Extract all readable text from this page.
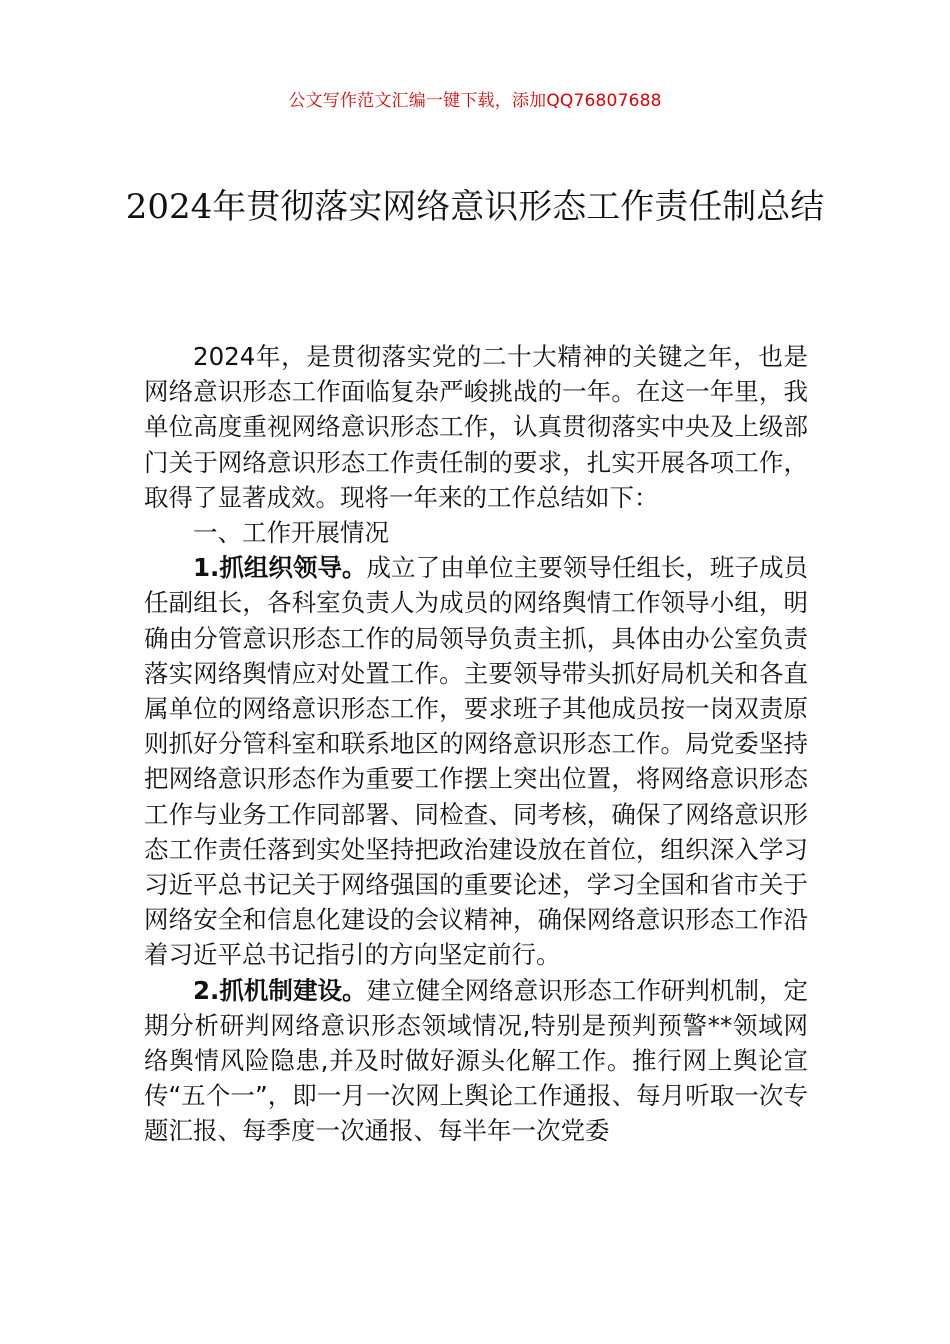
公文写作范文汇编一键下载，添加QQ76807688
2024年贯彻落实网络意识形态工作责任制总结

2024年，是贯彻落实党的二十大精神的关键之年，也是网络意识形态工作面临复杂严峻挑战的一年。在这一年里，我单位高度重视网络意识形态工作，认真贯彻落实中央及上级部门关于网络意识形态工作责任制的要求，扎实开展各项工作，取得了显著成效。现将一年来的工作总结如下：

一、工作开展情况

1.抓组织领导。成立了由单位主要领导任组长，班子成员任副组长，各科室负责人为成员的网络舆情工作领导小组，明确由分管意识形态工作的局领导负责主抓，具体由办公室负责落实网络舆情应对处置工作。主要领导带头抓好局机关和各直属单位的网络意识形态工作，要求班子其他成员按一岗双责原则抓好分管科室和联系地区的网络意识形态工作。局党委坚持把网络意识形态作为重要工作摆上突出位置，将网络意识形态工作与业务工作同部署、同检查、同考核，确保了网络意识形态工作责任落到实处坚持把政治建设放在首位，组织深入学习习近平总书记关于网络强国的重要论述，学习全国和省市关于网络安全和信息化建设的会议精神，确保网络意识形态工作沿着习近平总书记指引的方向坚定前行。

2.抓机制建设。建立健全网络意识形态工作研判机制，定期分析研判网络意识形态领域情况,特别是预判预警**领域网络舆情风险隐患,并及时做好源头化解工作。推行网上舆论宣传“五个一”，即一月一次网上舆论工作通报、每月听取一次专题汇报、每季度一次通报、每半年一次党委
